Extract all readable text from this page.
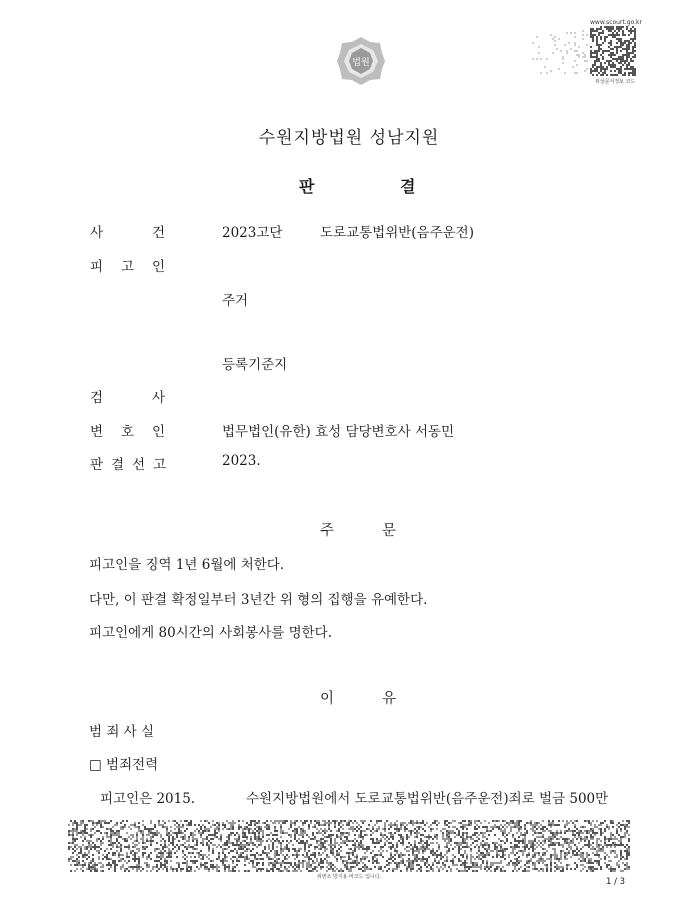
법원
www.scourt.go.kr
위상문서정보 코드
수원지방법원 성남지원
판	결
사	건	2023고단	도로교통법위반(음주운전)
피 고 인
주거
등록기준지
검	사
변 호 인	법무법인(유한) 효성 담당변호사 서동민
판 결 선 고	2023.
주	문
피고인을 징역 1년 6월에 처한다.
다만, 이 판결 확정일부터 3년간 위 형의 집행을 유예한다.
피고인에게 80시간의 사회봉사를 명한다.
이	유
범 죄 사 실
□ 범죄전력
피고인은 2015.	수원지방법원에서 도로교통법위반(음주운전)죄로 벌금 500만
위변조 방지용 바코드 입니다.	1 / 3
